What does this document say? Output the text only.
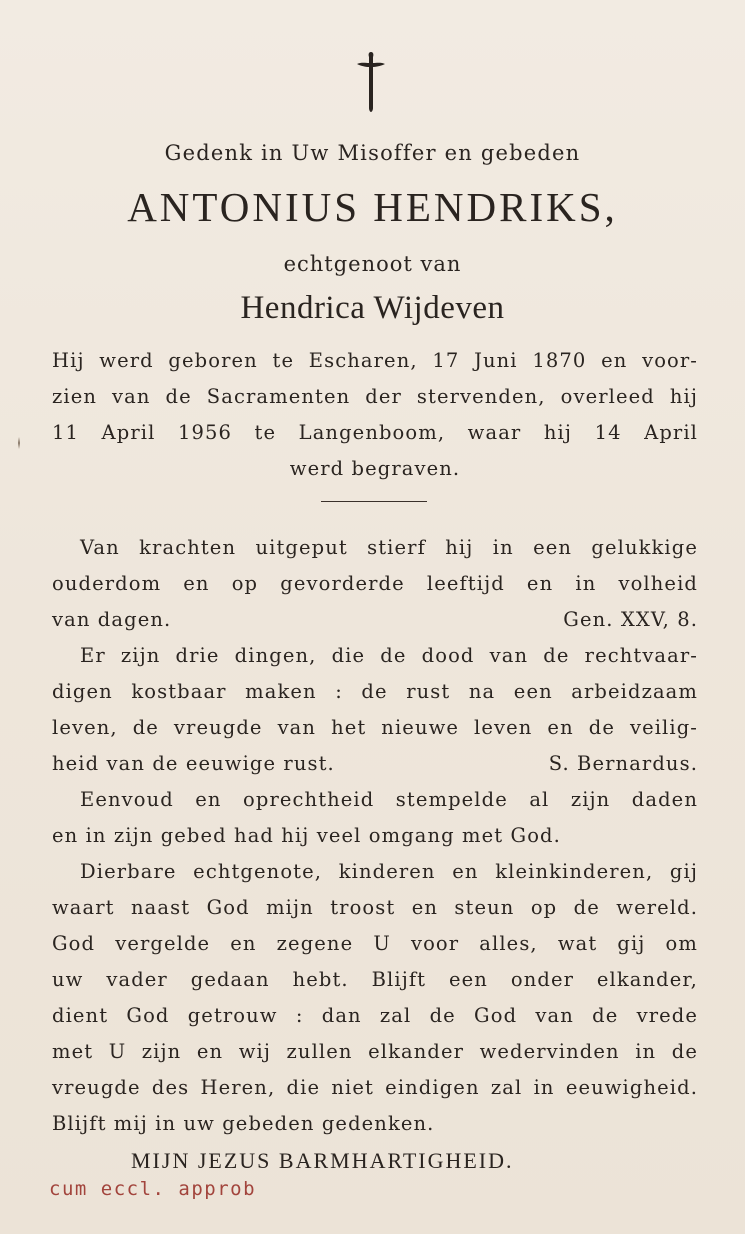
Gedenk in Uw Misoffer en gebeden
ANTONIUS HENDRIKS,
echtgenoot van
Hendrica Wijdeven
Hij werd geboren te Escharen, 17 Juni 1870 en voor-
zien van de Sacramenten der stervenden, overleed hij
11 April 1956 te Langenboom, waar hij 14 April
werd begraven.
Van krachten uitgeput stierf hij in een gelukkige
ouderdom en op gevorderde leeftijd en in volheid
van dagen.	Gen. XXV, 8.
Er zijn drie dingen, die de dood van de rechtvaar-
digen kostbaar maken : de rust na een arbeidzaam
leven, de vreugde van het nieuwe leven en de veilig-
heid van de eeuwige rust.	S. Bernardus.
Eenvoud en oprechtheid stempelde al zijn daden
en in zijn gebed had hij veel omgang met God.
Dierbare echtgenote, kinderen en kleinkinderen, gij
waart naast God mijn troost en steun op de wereld.
God vergelde en zegene U voor alles, wat gij om
uw vader gedaan hebt. Blijft een onder elkander,
dient God getrouw : dan zal de God van de vrede
met U zijn en wij zullen elkander wedervinden in de
vreugde des Heren, die niet eindigen zal in eeuwigheid.
Blijft mij in uw gebeden gedenken.
MIJN JEZUS BARMHARTIGHEID.
cum eccl. approb
